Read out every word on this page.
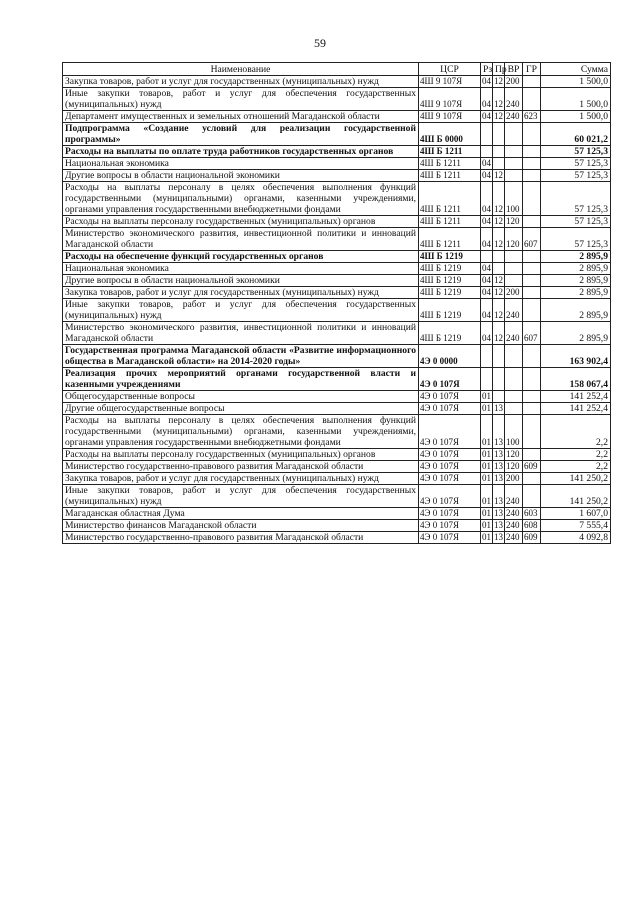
59
Наименование	ЦСР	Рз	Пр	ВР	ГР	Сумма
Закупка товаров, работ и услуг для государственных (муниципальных) нужд	4Ш 9 107Я	04	12	200		1 500,0
Иные закупки товаров, работ и услуг для обеспечения государственных (муниципальных) нужд	4Ш 9 107Я	04	12	240		1 500,0
Департамент имущественных и земельных отношений Магаданской области	4Ш 9 107Я	04	12	240	623	1 500,0
Подпрограмма «Создание условий для реализации государственной программы»	4Ш Б 0000					60 021,2
Расходы на выплаты по оплате труда работников государственных органов	4Ш Б 1211					57 125,3
Национальная экономика	4Ш Б 1211	04				57 125,3
Другие вопросы в области национальной экономики	4Ш Б 1211	04	12			57 125,3
Расходы на выплаты персоналу в целях обеспечения выполнения функций государственными (муниципальными) органами, казенными учреждениями, органами управления государственными внебюджетными фондами	4Ш Б 1211	04	12	100		57 125,3
Расходы на выплаты персоналу государственных (муниципальных) органов	4Ш Б 1211	04	12	120		57 125,3
Министерство экономического развития, инвестиционной политики и инноваций Магаданской области	4Ш Б 1211	04	12	120	607	57 125,3
Расходы на обеспечение функций государственных органов	4Ш Б 1219					2 895,9
Национальная экономика	4Ш Б 1219	04				2 895,9
Другие вопросы в области национальной экономики	4Ш Б 1219	04	12			2 895,9
Закупка товаров, работ и услуг для государственных (муниципальных) нужд	4Ш Б 1219	04	12	200		2 895,9
Иные закупки товаров, работ и услуг для обеспечения государственных (муниципальных) нужд	4Ш Б 1219	04	12	240		2 895,9
Министерство экономического развития, инвестиционной политики и инноваций Магаданской области	4Ш Б 1219	04	12	240	607	2 895,9
Государственная программа Магаданской области «Развитие информационного общества в Магаданской области» на 2014-2020 годы»	4Э 0 0000					163 902,4
Реализация прочих мероприятий органами государственной власти и казенными учреждениями	4Э 0 107Я					158 067,4
Общегосударственные вопросы	4Э 0 107Я	01				141 252,4
Другие общегосударственные вопросы	4Э 0 107Я	01	13			141 252,4
Расходы на выплаты персоналу в целях обеспечения выполнения функций государственными (муниципальными) органами, казенными учреждениями, органами управления государственными внебюджетными фондами	4Э 0 107Я	01	13	100		2,2
Расходы на выплаты персоналу государственных (муниципальных) органов	4Э 0 107Я	01	13	120		2,2
Министерство государственно-правового развития Магаданской области	4Э 0 107Я	01	13	120	609	2,2
Закупка товаров, работ и услуг для государственных (муниципальных) нужд	4Э 0 107Я	01	13	200		141 250,2
Иные закупки товаров, работ и услуг для обеспечения государственных (муниципальных) нужд	4Э 0 107Я	01	13	240		141 250,2
Магаданская областная Дума	4Э 0 107Я	01	13	240	603	1 607,0
Министерство финансов Магаданской области	4Э 0 107Я	01	13	240	608	7 555,4
Министерство государственно-правового развития Магаданской области	4Э 0 107Я	01	13	240	609	4 092,8
